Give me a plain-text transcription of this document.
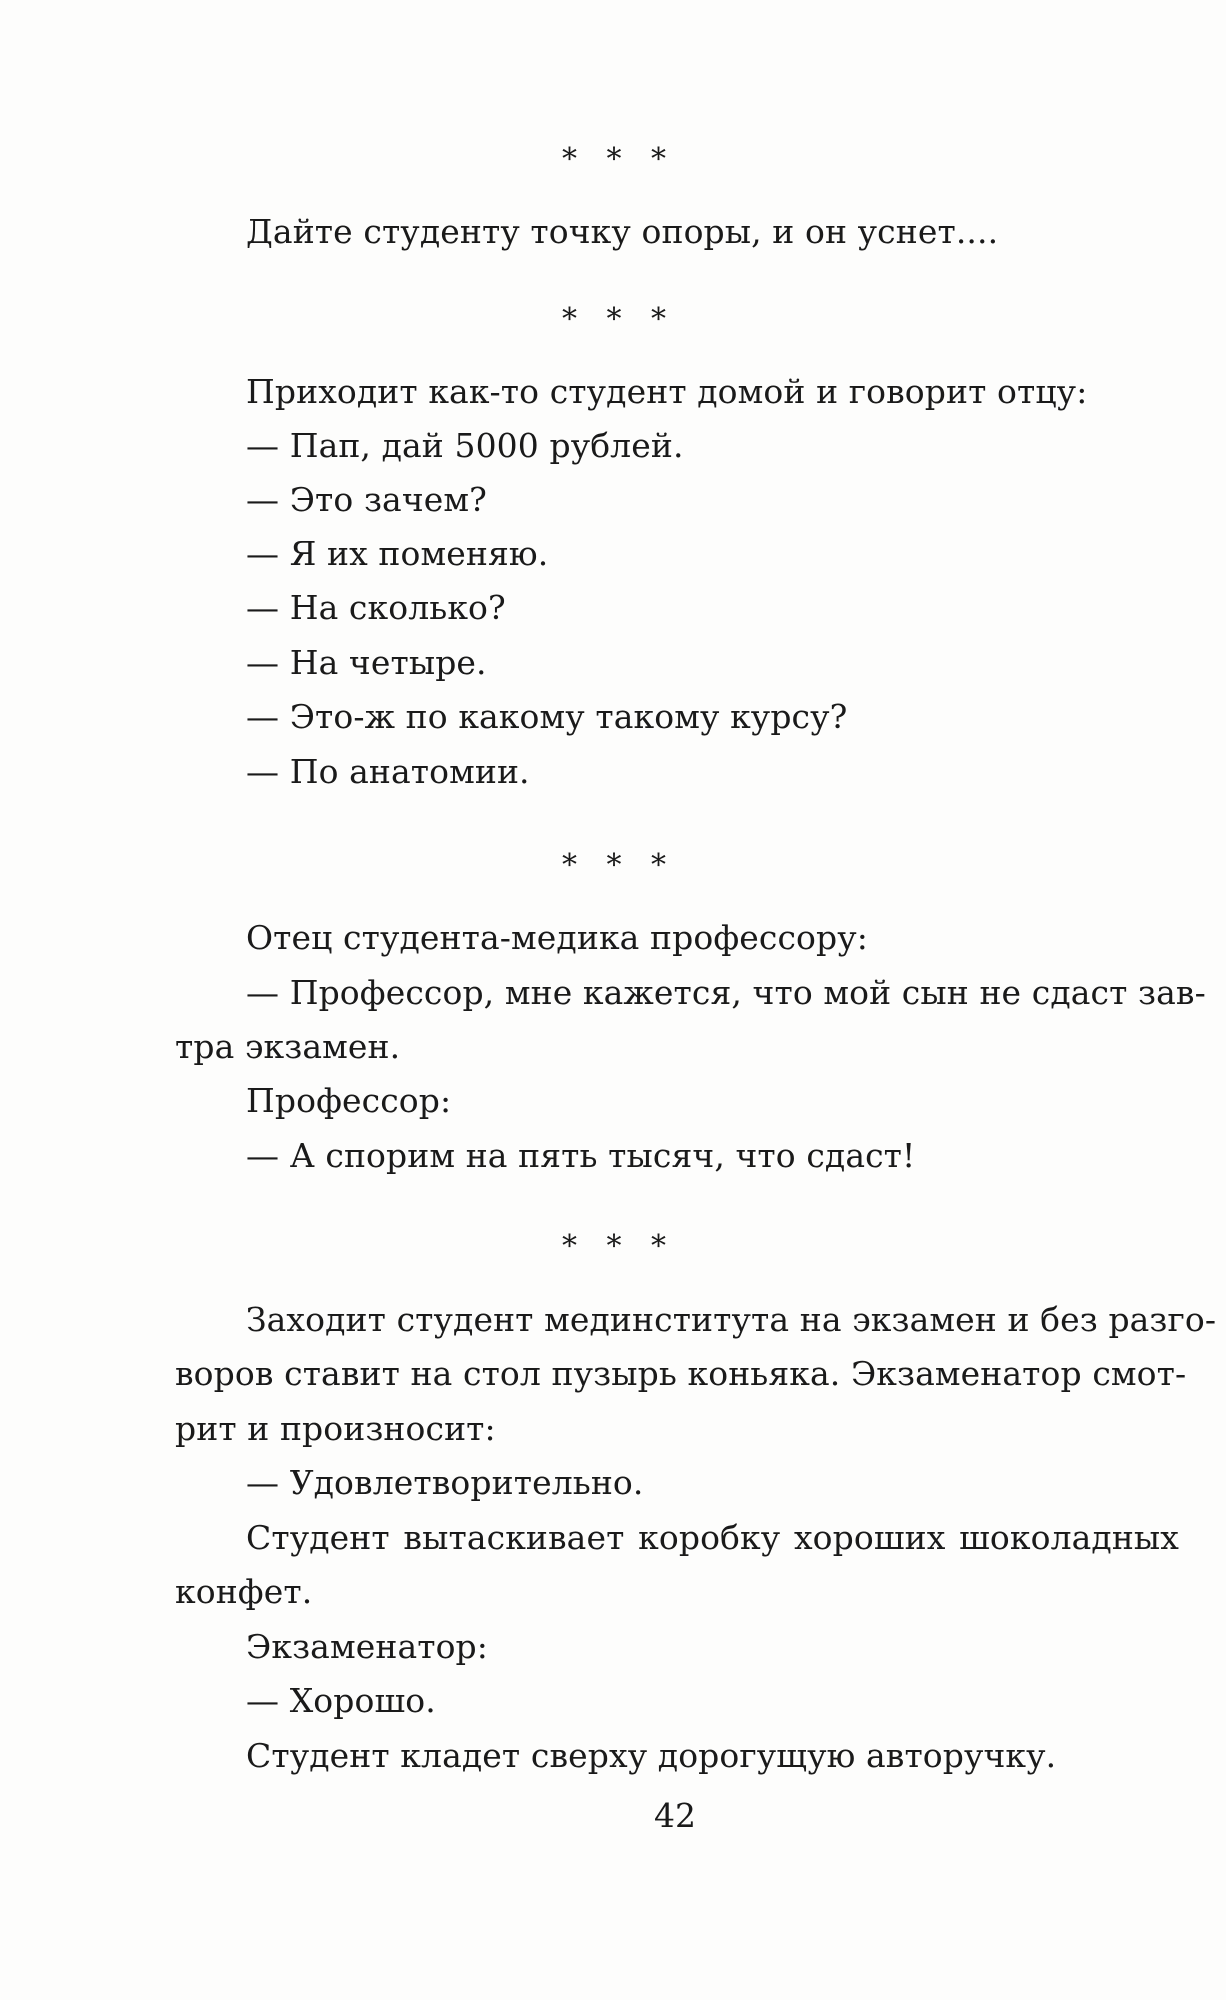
* * *
Дайте студенту точку опоры, и он уснет....
* * *
Приходит как-то студент домой и говорит отцу:
— Пап, дай 5000 рублей.
— Это зачем?
— Я их поменяю.
— На сколько?
— На четыре.
— Это-ж по какому такому курсу?
— По анатомии.
* * *
Отец студента-медика профессору:
— Профессор, мне кажется, что мой сын не сдаст зав-
тра экзамен.
Профессор:
— А спорим на пять тысяч, что сдаст!
* * *
Заходит студент мединститута на экзамен и без разго-
воров ставит на стол пузырь коньяка. Экзаменатор смот-
рит и произносит:
— Удовлетворительно.
Студент вытаскивает коробку хороших шоколадных
конфет.
Экзаменатор:
— Хорошо.
Студент кладет сверху дорогущую авторучку.
42
